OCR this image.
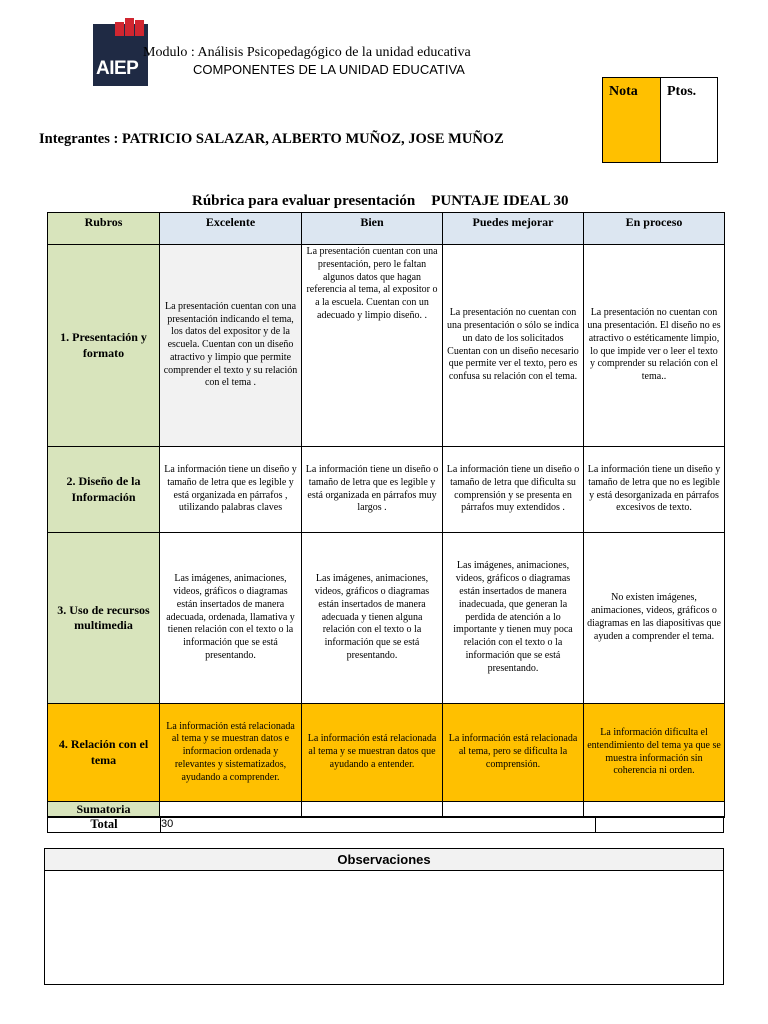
AIEP
Modulo : Análisis Psicopedagógico de la unidad educativa
COMPONENTES DE LA UNIDAD EDUCATIVA
Integrantes : PATRICIO SALAZAR, ALBERTO MUÑOZ, JOSE MUÑOZ
Nota	Ptos.
Rúbrica para evaluar presentación PUNTAJE IDEAL 30
Rubros	Excelente	Bien	Puedes mejorar	En proceso
1. Presentación y formato	La presentación cuentan con una presentación indicando el tema, los datos del expositor y de la escuela. Cuentan con un diseño atractivo y limpio que permite comprender el texto y su relación con el tema .	La presentación cuentan con una presentación, pero le faltan algunos datos que hagan referencia al tema, al expositor o a la escuela. Cuentan con un adecuado y limpio diseño. .	La presentación no cuentan con una presentación o sólo se indica un dato de los solicitados Cuentan con un diseño necesario que permite ver el texto, pero es confusa su relación con el tema.	La presentación no cuentan con una presentación. El diseño no es atractivo o estéticamente limpio, lo que impide ver o leer el texto y comprender su relación con el tema..
2. Diseño de la Información	La información tiene un diseño y tamaño de letra que es legible y está organizada en párrafos , utilizando palabras claves	La información tiene un diseño o tamaño de letra que es legible y está organizada en párrafos muy largos .	La información tiene un diseño o tamaño de letra que dificulta su comprensión y se presenta en párrafos muy extendidos .	La información tiene un diseño y tamaño de letra que no es legible y está desorganizada en párrafos excesivos de texto.
3. Uso de recursos multimedia	Las imágenes, animaciones, videos, gráficos o diagramas están insertados de manera adecuada, ordenada, llamativa y tienen relación con el texto o la información que se está presentando.	Las imágenes, animaciones, videos, gráficos o diagramas están insertados de manera adecuada y tienen alguna relación con el texto o la información que se está presentando.	Las imágenes, animaciones, videos, gráficos o diagramas están insertados de manera inadecuada, que generan la perdida de atención a lo importante y tienen muy poca relación con el texto o la información que se está presentando.	No existen imágenes, animaciones, videos, gráficos o diagramas en las diapositivas que ayuden a comprender el tema.
4. Relación con el tema	La información está relacionada al tema y se muestran datos e informacion ordenada y relevantes y sistematizados, ayudando a comprender.	La información está relacionada al tema y se muestran datos que ayudando a entender.	La información está relacionada al tema, pero se dificulta la comprensión.	La información dificulta el entendimiento del tema ya que se muestra información sin coherencia ni orden.
Sumatoria				
Total	30
Observaciones
